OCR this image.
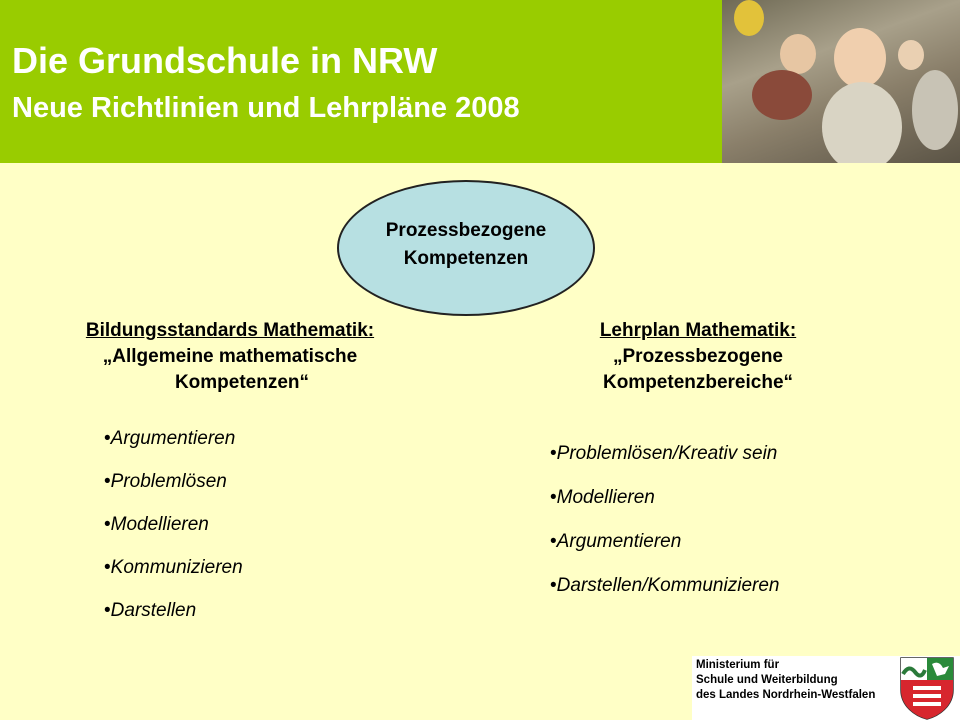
Die Grundschule in NRW
Neue Richtlinien und Lehrpläne 2008
Prozessbezogene
Kompetenzen
Bildungsstandards Mathematik:
„Allgemeine mathematische
Kompetenzen“
• Argumentieren
• Problemlösen
• Modellieren
• Kommunizieren
• Darstellen
Lehrplan Mathematik:
„Prozessbezogene
Kompetenzbereiche“
• Problemlösen/Kreativ sein
• Modellieren
• Argumentieren
• Darstellen/Kommunizieren
Ministerium für
Schule und Weiterbildung
des Landes Nordrhein-Westfalen
